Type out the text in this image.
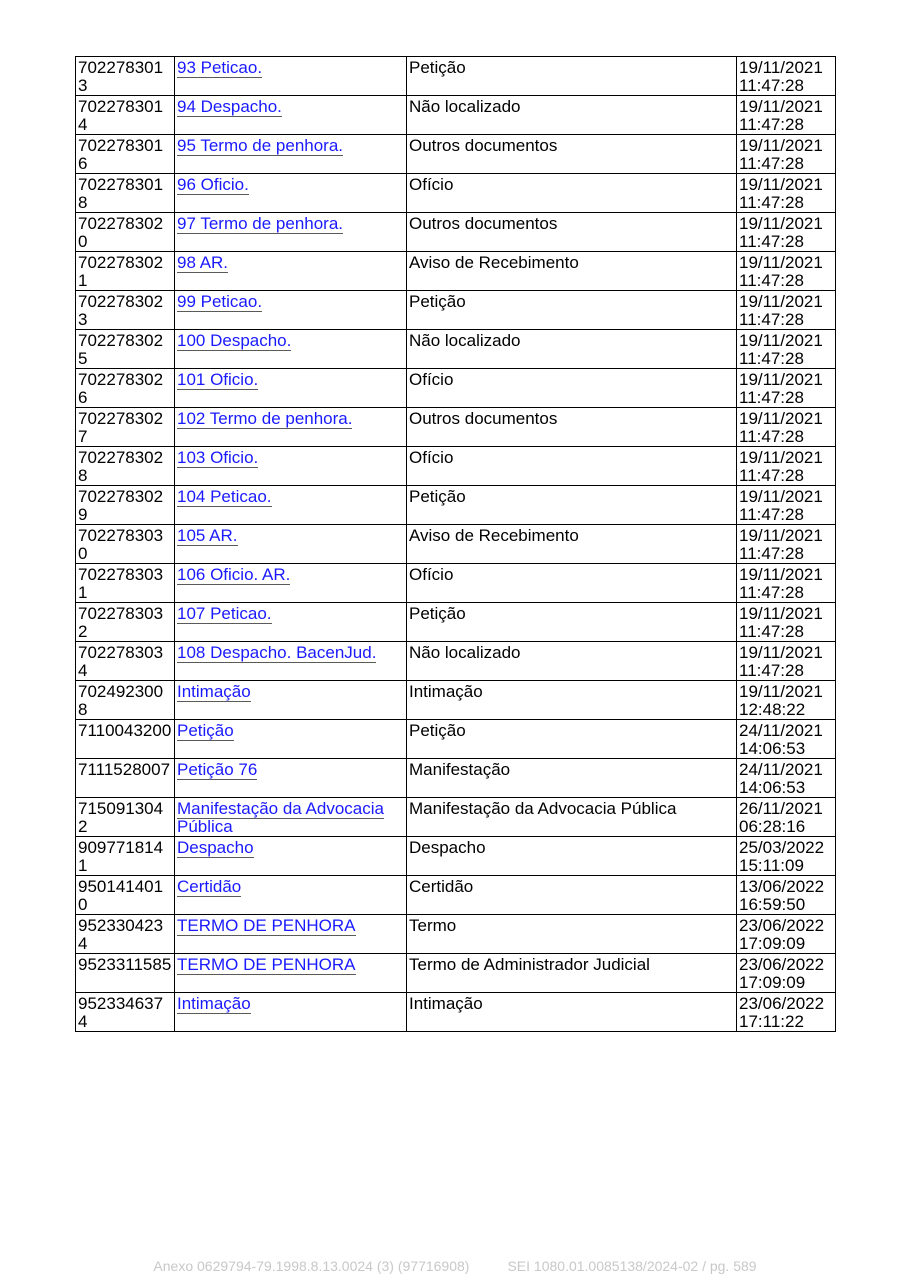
7022783013	93 Peticao.	Petição	19/11/2021 11:47:28
7022783014	94 Despacho.	Não localizado	19/11/2021 11:47:28
7022783016	95 Termo de penhora.	Outros documentos	19/11/2021 11:47:28
7022783018	96 Oficio.	Ofício	19/11/2021 11:47:28
7022783020	97 Termo de penhora.	Outros documentos	19/11/2021 11:47:28
7022783021	98 AR.	Aviso de Recebimento	19/11/2021 11:47:28
7022783023	99 Peticao.	Petição	19/11/2021 11:47:28
7022783025	100 Despacho.	Não localizado	19/11/2021 11:47:28
7022783026	101 Oficio.	Ofício	19/11/2021 11:47:28
7022783027	102 Termo de penhora.	Outros documentos	19/11/2021 11:47:28
7022783028	103 Oficio.	Ofício	19/11/2021 11:47:28
7022783029	104 Peticao.	Petição	19/11/2021 11:47:28
7022783030	105 AR.	Aviso de Recebimento	19/11/2021 11:47:28
7022783031	106 Oficio. AR.	Ofício	19/11/2021 11:47:28
7022783032	107 Peticao.	Petição	19/11/2021 11:47:28
7022783034	108 Despacho. BacenJud.	Não localizado	19/11/2021 11:47:28
7024923008	Intimação	Intimação	19/11/2021 12:48:22
7110043200	Petição	Petição	24/11/2021 14:06:53
7111528007	Petição 76	Manifestação	24/11/2021 14:06:53
7150913042	Manifestação da Advocacia Pública	Manifestação da Advocacia Pública	26/11/2021 06:28:16
9097718141	Despacho	Despacho	25/03/2022 15:11:09
9501414010	Certidão	Certidão	13/06/2022 16:59:50
9523304234	TERMO DE PENHORA	Termo	23/06/2022 17:09:09
9523311585	TERMO DE PENHORA	Termo de Administrador Judicial	23/06/2022 17:09:09
9523346374	Intimação	Intimação	23/06/2022 17:11:22
Anexo 0629794-79.1998.8.13.0024 (3) (97716908)	SEI 1080.01.0085138/2024-02 / pg. 589
